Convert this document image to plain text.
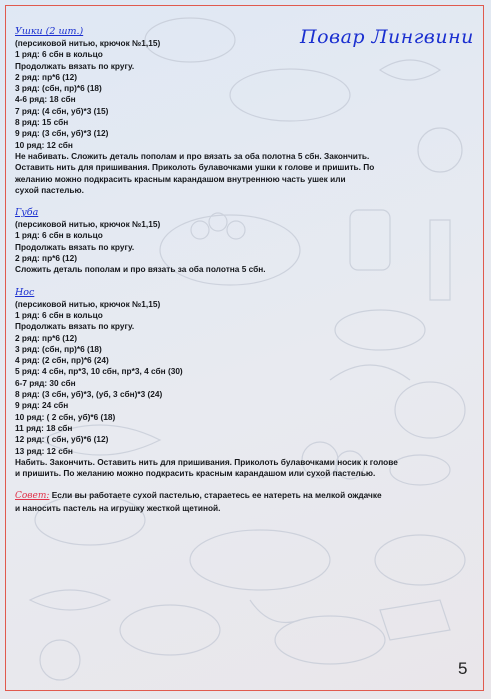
Повар Лингвини
Ушки (2 шт.)
(персиковой нитью, крючок №1,15)
1 ряд: 6 сбн в кольцо
Продолжать вязать по кругу.
2 ряд: пр*6 (12)
3 ряд: (сбн, пр)*6 (18)
4-6 ряд: 18 сбн
7 ряд: (4 сбн, уб)*3 (15)
8 ряд: 15 сбн
9 ряд: (3 сбн, уб)*3 (12)
10 ряд: 12 сбн
Не набивать. Сложить деталь пополам и про вязать за оба полотна 5 сбн. Закончить.
Оставить нить для пришивания. Приколоть булавочками ушки к голове и пришить. По
желанию можно подкрасить красным карандашом внутреннюю часть ушек или
сухой пастелью.
Губа
(персиковой нитью, крючок №1,15)
1 ряд: 6 сбн в кольцо
Продолжать вязать по кругу.
2 ряд: пр*6 (12)
Сложить деталь пополам и про вязать за оба полотна 5 сбн.
Нос
(персиковой нитью, крючок №1,15)
1 ряд: 6 сбн в кольцо
Продолжать вязать по кругу.
2 ряд: пр*6 (12)
3 ряд: (сбн, пр)*6 (18)
4 ряд: (2 сбн, пр)*6 (24)
5 ряд: 4 сбн, пр*3, 10 сбн, пр*3, 4 сбн (30)
6-7 ряд: 30 сбн
8 ряд: (3 сбн, уб)*3, (уб, 3 сбн)*3 (24)
9 ряд: 24 сбн
10 ряд: ( 2 сбн, уб)*6 (18)
11 ряд: 18 сбн
12 ряд: ( сбн, уб)*6 (12)
13 ряд: 12 сбн
Набить. Закончить. Оставить нить для пришивания. Приколоть булавочками носик к голове
и пришить. По желанию можно подкрасить красным карандашом или сухой пастелью.
Совет: Если вы работаете сухой пастелью, стараетесь ее натереть на мелкой ождачке
и наносить пастель на игрушку жесткой щетиной.
5
